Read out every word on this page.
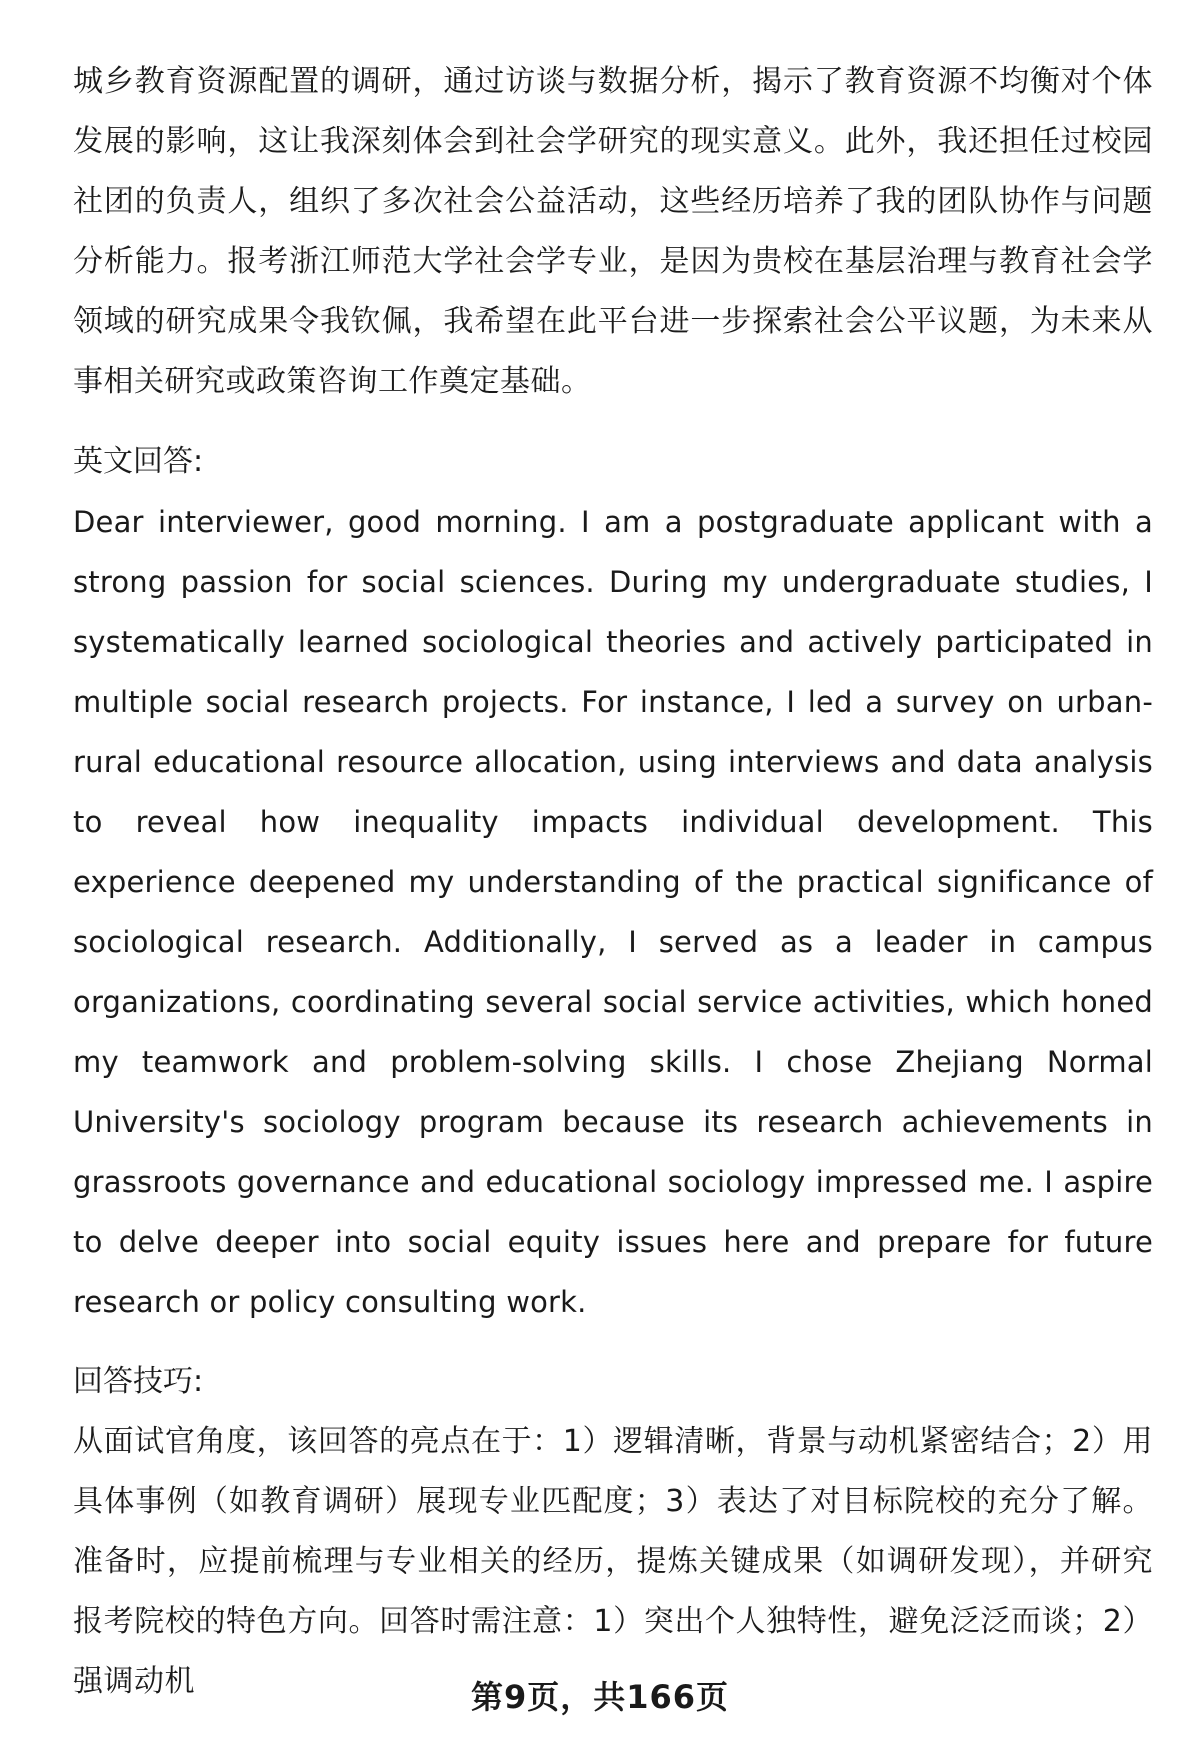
城乡教育资源配置的调研，通过访谈与数据分析，揭示了教育资源不均衡对个体发展的影响，这让我深刻体会到社会学研究的现实意义。此外，我还担任过校园社团的负责人，组织了多次社会公益活动，这些经历培养了我的团队协作与问题分析能力。报考浙江师范大学社会学专业，是因为贵校在基层治理与教育社会学领域的研究成果令我钦佩，我希望在此平台进一步探索社会公平议题，为未来从事相关研究或政策咨询工作奠定基础。

英文回答:

Dear interviewer, good morning. I am a postgraduate applicant with a strong passion for social sciences. During my undergraduate studies, I systematically learned sociological theories and actively participated in multiple social research projects. For instance, I led a survey on urban-rural educational resource allocation, using interviews and data analysis to reveal how inequality impacts individual development. This experience deepened my understanding of the practical significance of sociological research. Additionally, I served as a leader in campus organizations, coordinating several social service activities, which honed my teamwork and problem-solving skills. I chose Zhejiang Normal University's sociology program because its research achievements in grassroots governance and educational sociology impressed me. I aspire to delve deeper into social equity issues here and prepare for future research or policy consulting work.

回答技巧:

从面试官角度，该回答的亮点在于：1）逻辑清晰，背景与动机紧密结合；2）用具体事例（如教育调研）展现专业匹配度；3）表达了对目标院校的充分了解。准备时，应提前梳理与专业相关的经历，提炼关键成果（如调研发现），并研究报考院校的特色方向。回答时需注意：1）突出个人独特性，避免泛泛而谈；2）强调动机	第9页，共166页
